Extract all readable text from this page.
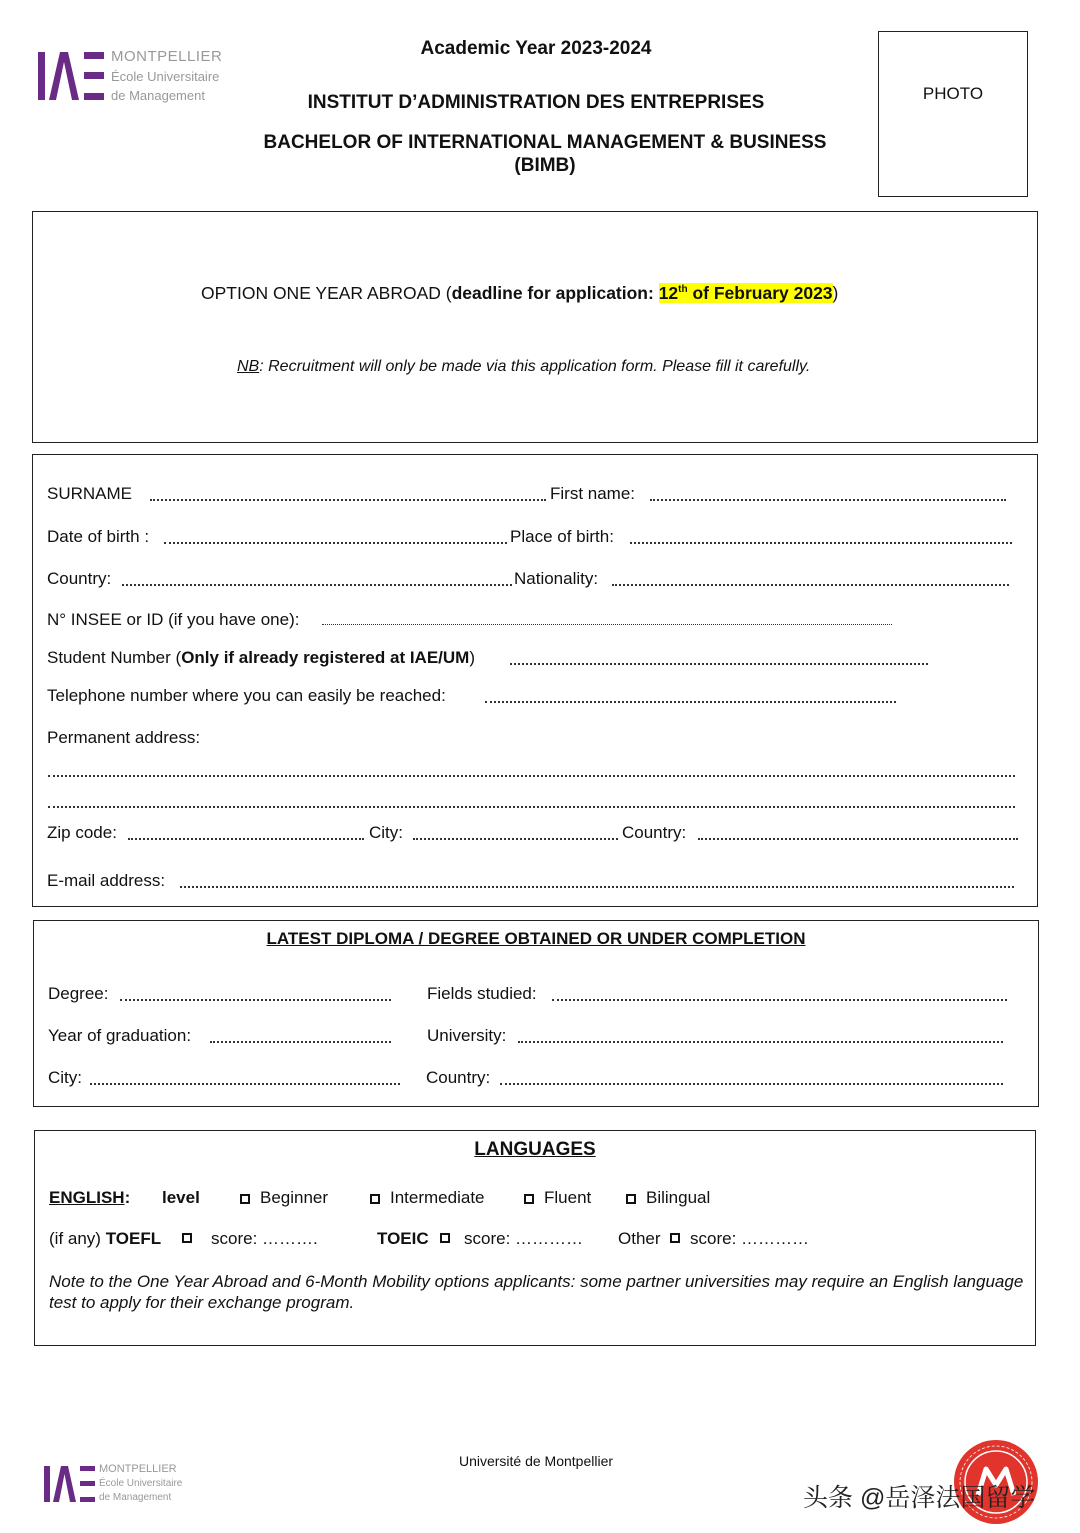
MONTPELLIER
École Universitaire
de Management
Academic Year 2023-2024
INSTITUT D’ADMINISTRATION DES ENTREPRISES
BACHELOR OF INTERNATIONAL MANAGEMENT & BUSINESS
(BIMB)
PHOTO
OPTION ONE YEAR ABROAD (deadline for application: 12th of February 2023)
NB: Recruitment will only be made via this application form. Please fill it carefully.
SURNAME	First name:
Date of birth :	Place of birth:
Country:	Nationality:
N° INSEE or ID (if you have one):
Student Number (Only if already registered at IAE/UM)
Telephone number where you can easily be reached:
Permanent address:
Zip code:	City:	Country:
E-mail address:
LATEST DIPLOMA / DEGREE OBTAINED OR UNDER COMPLETION
Degree:	Fields studied:
Year of graduation:	University:
City:	Country:
LANGUAGES
ENGLISH: level	Beginner	Intermediate	Fluent	Bilingual
(if any) TOEFL	score: ……….	TOEIC score: ………… Other score: …………
Note to the One Year Abroad and 6-Month Mobility options applicants: some partner universities may require an English language test to apply for their exchange program.
MONTPELLIER
École Universitaire
de Management
Université de Montpellier
头条 @岳泽法国留学
